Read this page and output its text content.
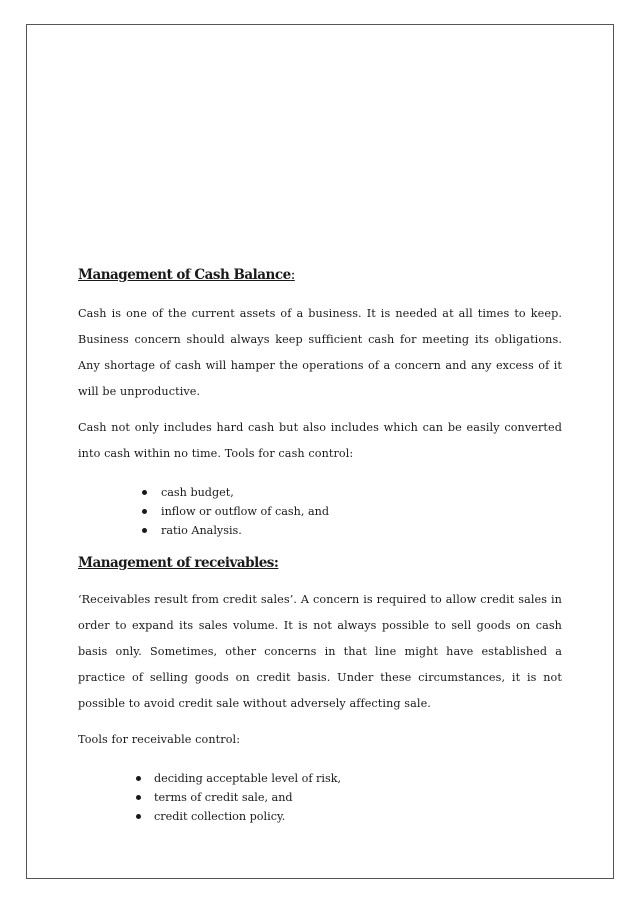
Management of Cash Balance:

Cash is one of the current assets of a business. It is needed at all times to keep. Business concern should always keep sufficient cash for meeting its obligations. Any shortage of cash will hamper the operations of a concern and any excess of it will be unproductive.

Cash not only includes hard cash but also includes which can be easily converted into cash within no time. Tools for cash control:

cash budget,
inflow or outflow of cash, and
ratio Analysis.
Management of receivables:

‘Receivables result from credit sales’. A concern is required to allow credit sales in order to expand its sales volume. It is not always possible to sell goods on cash basis only. Sometimes, other concerns in that line might have established a practice of selling goods on credit basis. Under these circumstances, it is not possible to avoid credit sale without adversely affecting sale.

Tools for receivable control:

deciding acceptable level of risk,
terms of credit sale, and
credit collection policy.
